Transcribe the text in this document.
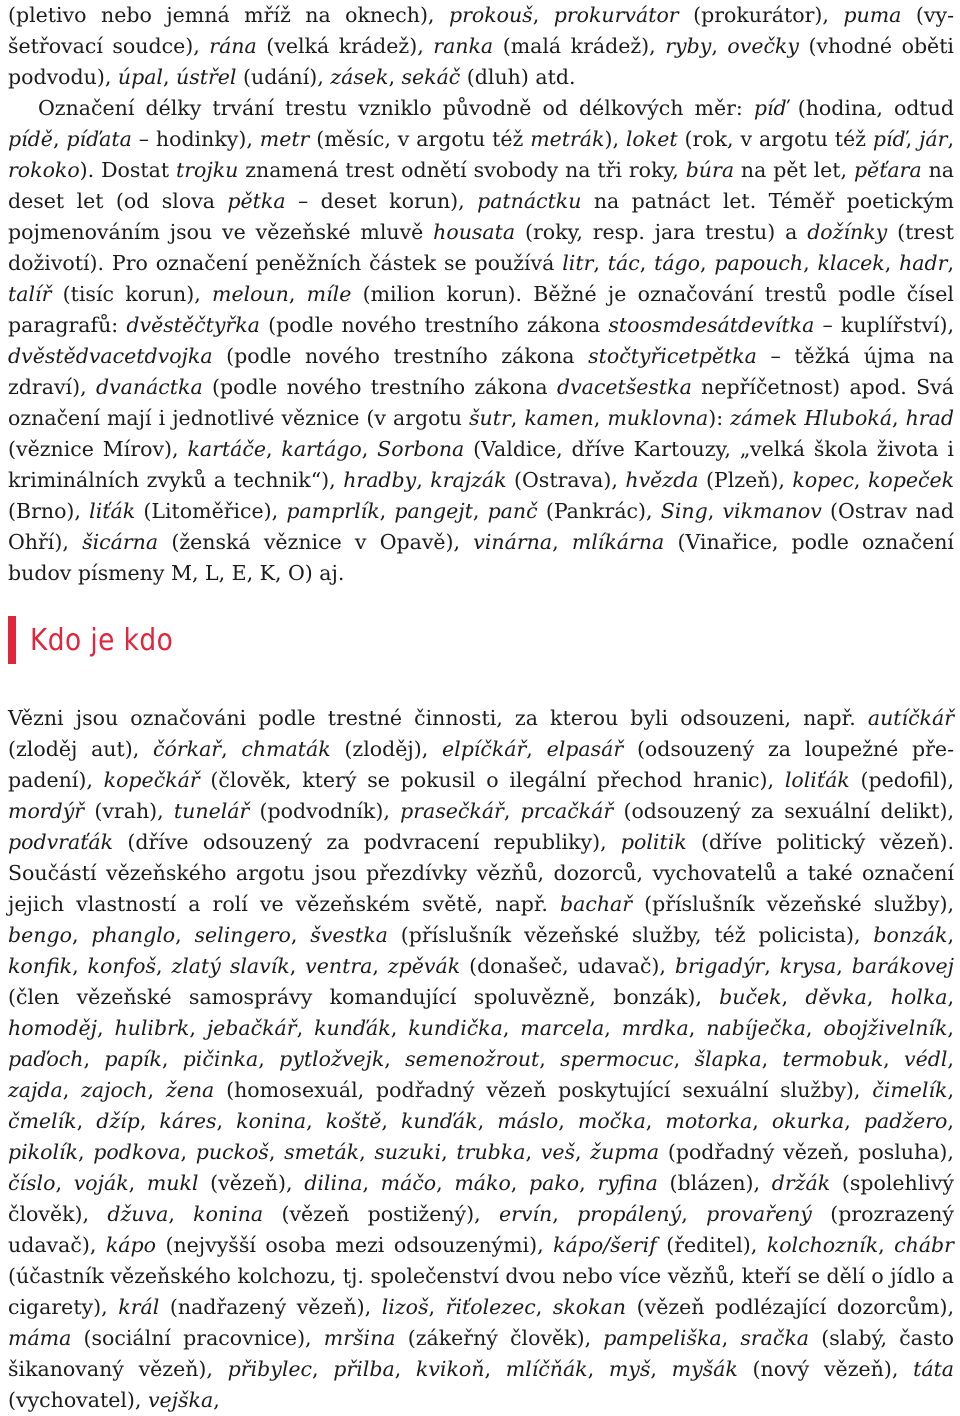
(pletivo nebo jemná mříž na oknech), prokouš, prokurvátor (prokurátor), puma (vyšetřovací soudce), rána (velká krádež), ranka (malá krádež), ryby, ovečky (vhodné oběti podvodu), úpal, ústřel (udání), zásek, sekáč (dluh) atd.

Označení délky trvání trestu vzniklo původně od délkových měr: píď (hodina, odtud pídě, píďata – hodinky), metr (měsíc, v argotu též metrák), loket (rok, v argotu též píď, jár, rokoko). Dostat trojku znamená trest odnětí svobody na tři roky, búra na pět let, pěťara na deset let (od slova pětka – deset korun), patnáctku na patnáct let. Téměř poetickým pojmenováním jsou ve vězeňské mluvě housata (roky, resp. jara trestu) a dožínky (trest doživotí). Pro označení peněžních částek se používá litr, tác, tágo, papouch, klacek, hadr, talíř (tisíc korun), meloun, míle (milion korun). Běžné je označování trestů podle čísel paragrafů: dvěstěčtyřka (podle nového trestního zákona stoosmdesátdevítka – kuplířství), dvěstědvacetdvojka (podle nového trestního zákona stočtyřicetpětka – těžká újma na zdraví), dvanáctka (podle nového trestního zákona dvacetšestka nepříčetnost) apod. Svá označení mají i jednotlivé věznice (v argotu šutr, kamen, muklovna): zámek Hluboká, hrad (věznice Mírov), kartáče, kartágo, Sorbona (Valdice, dříve Kartouzy, „velká škola života i kriminálních zvyků a technik“), hradby, krajzák (Ostrava), hvězda (Plzeň), kopec, kopeček (Brno), liťák (Litoměřice), pamprlík, pangejt, panč (Pankrác), Sing, vikmanov (Ostrav nad Ohří), šicárna (ženská věznice v Opavě), vinárna, mlíkárna (Vinařice, podle označení budov písmeny M, L, E, K, O) aj.

Kdo je kdo

Vězni jsou označováni podle trestné činnosti, za kterou byli odsouzeni, např. autíčkář (zloděj aut), čórkař, chmaták (zloděj), elpíčkář, elpasář (odsouzený za loupežné přepadení), kopečkář (člověk, který se pokusil o ilegální přechod hranic), loliťák (pedofil), mordýř (vrah), tunelář (podvodník), prasečkář, prcačkář (odsouzený za sexuální delikt), podvraťák (dříve odsouzený za podvracení republiky), politik (dříve politický vězeň). Součástí vězeňského argotu jsou přezdívky vězňů, dozorců, vychovatelů a také označení jejich vlastností a rolí ve vězeňském světě, např. bachař (příslušník vězeňské služby), bengo, phanglo, selingero, švestka (příslušník vězeňské služby, též policista), bonzák, konfik, konfoš, zlatý slavík, ventra, zpěvák (donašeč, udavač), brigadýr, krysa, barákovej (člen vězeňské samosprávy komandující spoluvězně, bonzák), buček, děvka, holka, homoděj, hulibrk, jebačkář, kunďák, kundička, marcela, mrdka, nabíječka, obojživelník, paďoch, papík, pičinka, pytložvejk, semenožrout, spermocuc, šlapka, termobuk, védl, zajda, zajoch, žena (homosexuál, podřadný vězeň poskytující sexuální služby), čimelík, čmelík, džíp, káres, konina, koště, kunďák, máslo, močka, motorka, okurka, padžero, pikolík, podkova, puckoš, smeták, suzuki, trubka, veš, župma (podřadný vězeň, posluha), číslo, voják, mukl (vězeň), dilina, máčo, máko, pako, ryfina (blázen), držák (spolehlivý člověk), džuva, konina (vězeň postižený), ervín, propálený, provařený (prozrazený udavač), kápo (nejvyšší osoba mezi odsouzenými), kápo/šerif (ředitel), kolchozník, chábr (účastník vězeňského kolchozu, tj. společenství dvou nebo více vězňů, kteří se dělí o jídlo a cigarety), král (nadřazený vězeň), lizoš, řiťolezec, skokan (vězeň podlézající dozorcům), máma (sociální pracovnice), mršina (zákeřný člověk), pampeliška, sračka (slabý, často šikanovaný vězeň), přibylec, přilba, kvikoň, mlíčňák, myš, myšák (nový vězeň), táta (vychovatel), vejška,
